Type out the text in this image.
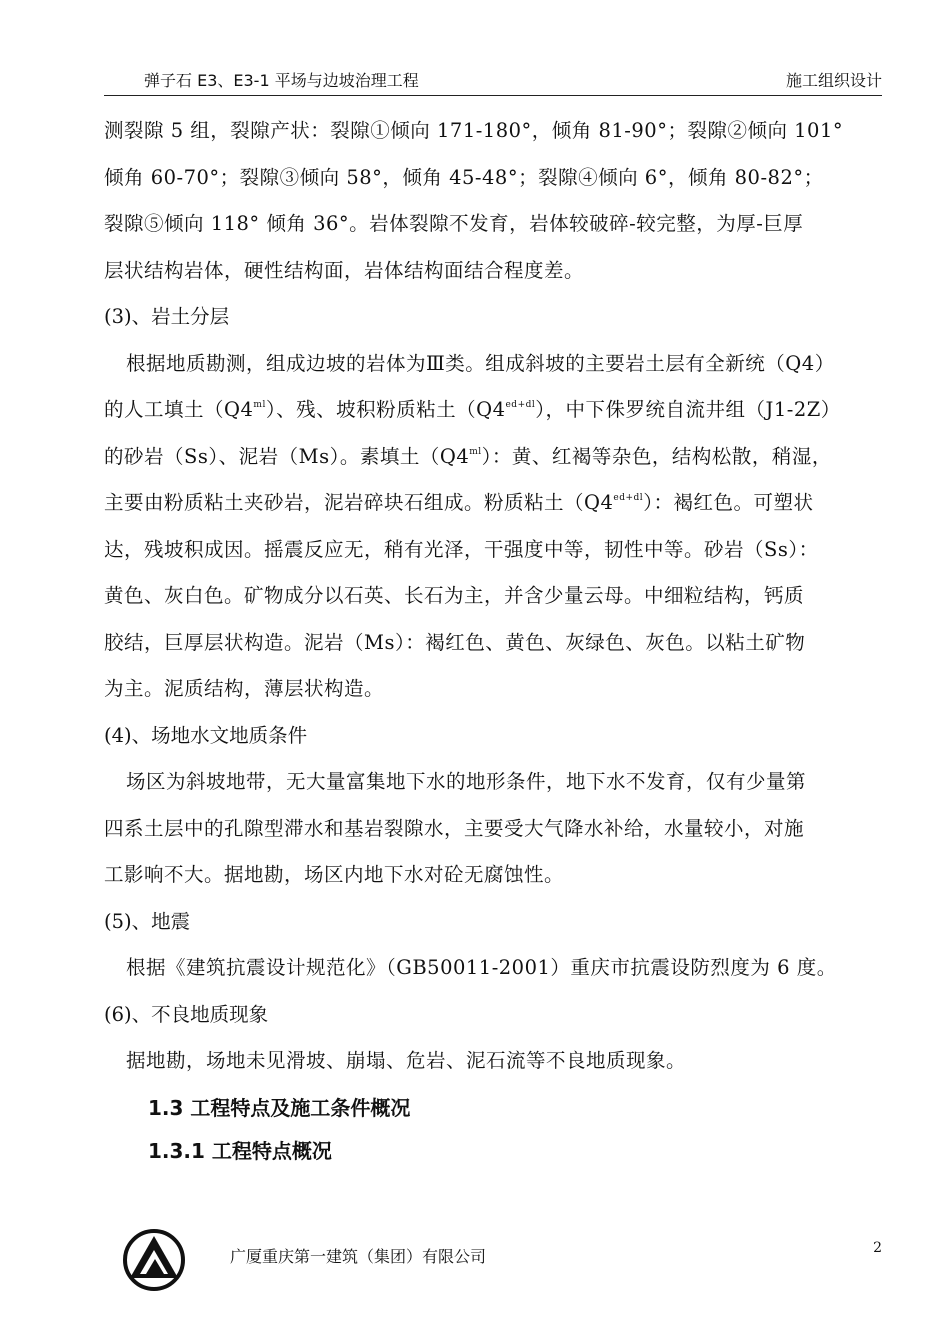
弹子石 E3、E3-1 平场与边坡治理工程	施工组织设计

测裂隙 5 组，裂隙产状：裂隙①倾向 171-180°，倾角 81-90°；裂隙②倾向 101°
倾角 60-70°；裂隙③倾向 58°，倾角 45-48°；裂隙④倾向 6°，倾角 80-82°；
裂隙⑤倾向 118° 倾角 36°。岩体裂隙不发育，岩体较破碎-较完整，为厚-巨厚
层状结构岩体，硬性结构面，岩体结构面结合程度差。

(3)、岩土分层

根据地质勘测，组成边坡的岩体为Ⅲ类。组成斜坡的主要岩土层有全新统（Q4）
的人工填土$(Q4^{ml})$、残、坡积粉质粘土$(Q4^{ed+dl})$，中下侏罗统自流井组（J1-2Z）
的砂岩（Ss）、泥岩（Ms）。素填土$(Q4^{ml})$：黄、红褐等杂色，结构松散，稍湿，
主要由粉质粘土夹砂岩，泥岩碎块石组成。粉质粘土$(Q4^{ed+dl})$：褐红色。可塑状
达，残坡积成因。摇震反应无，稍有光泽，干强度中等，韧性中等。砂岩（Ss）：
黄色、灰白色。矿物成分以石英、长石为主，并含少量云母。中细粒结构，钙质
胶结，巨厚层状构造。泥岩（Ms）：褐红色、黄色、灰绿色、灰色。以粘土矿物
为主。泥质结构，薄层状构造。

(4)、场地水文地质条件

场区为斜坡地带，无大量富集地下水的地形条件，地下水不发育，仅有少量第
四系土层中的孔隙型滞水和基岩裂隙水，主要受大气降水补给，水量较小，对施
工影响不大。据地勘，场区内地下水对砼无腐蚀性。

(5)、地震

根据《建筑抗震设计规范化》（GB50011-2001）重庆市抗震设防烈度为 6 度。

(6)、不良地质现象

据地勘，场地未见滑坡、崩塌、危岩、泥石流等不良地质现象。

1.3 工程特点及施工条件概况

1.3.1 工程特点概况

广厦重庆第一建筑（集团）有限公司	2
